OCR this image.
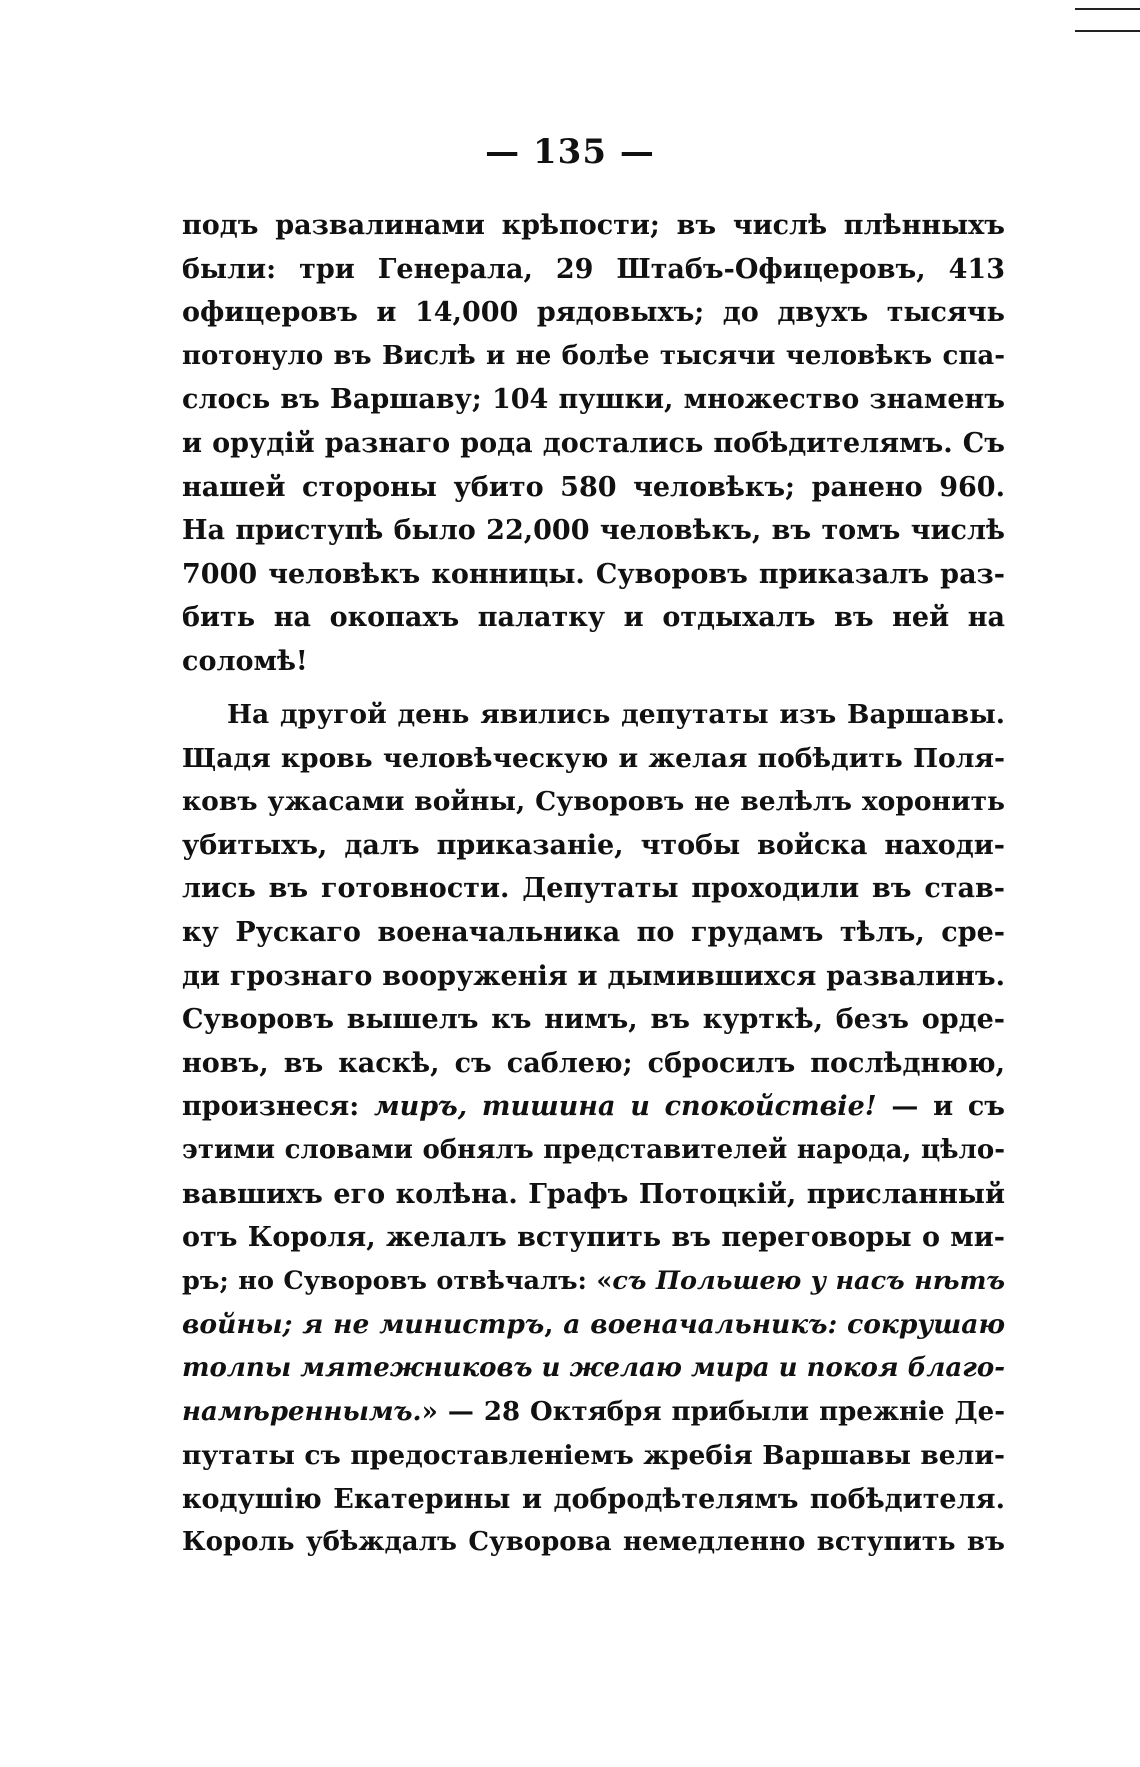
— 135 —
подъ развалинами крѣпости; въ числѣ плѣнныхъ
были: три Генерала, 29 Штабъ-Офицеровъ, 413
офицеровъ и 14,000 рядовыхъ; до двухъ тысячь
потонуло въ Вислѣ и не болѣе тысячи человѣкъ спа-
слось въ Варшаву; 104 пушки, множество знаменъ
и орудій разнаго рода достались побѣдителямъ. Съ
нашей стороны убито 580 человѣкъ; ранено 960.
На приступѣ было 22,000 человѣкъ, въ томъ числѣ
7000 человѣкъ конницы. Суворовъ приказалъ раз-
бить на окопахъ палатку и отдыхалъ въ ней на
соломѣ!
На другой день явились депутаты изъ Варшавы.
Щадя кровь человѣческую и желая побѣдить Поля-
ковъ ужасами войны, Суворовъ не велѣлъ хоронить
убитыхъ, далъ приказаніе, чтобы войска находи-
лись въ готовности. Депутаты проходили въ став-
ку Рускаго военачальника по грудамъ тѣлъ, сре-
ди грознаго вооруженія и дымившихся развалинъ.
Суворовъ вышелъ къ нимъ, въ курткѣ, безъ орде-
новъ, въ каскѣ, съ саблею; сбросилъ послѣднюю,
произнеся: миръ, тишина и спокойствіе! — и съ
этими словами обнялъ представителей народа, цѣло-
вавшихъ его колѣна. Графъ Потоцкій, присланный
отъ Короля, желалъ вступить въ переговоры о ми-
ръ; но Суворовъ отвѣчалъ: «съ Польшею у насъ нѣтъ
войны; я не министръ, а военачальникъ: сокрушаю
толпы мятежниковъ и желаю мира и покоя благо-
намѣреннымъ.» — 28 Октября прибыли прежніе Де-
путаты съ предоставленіемъ жребія Варшавы вели-
кодушію Екатерины и добродѣтелямъ побѣдителя.
Король убѣждалъ Суворова немедленно вступить въ
